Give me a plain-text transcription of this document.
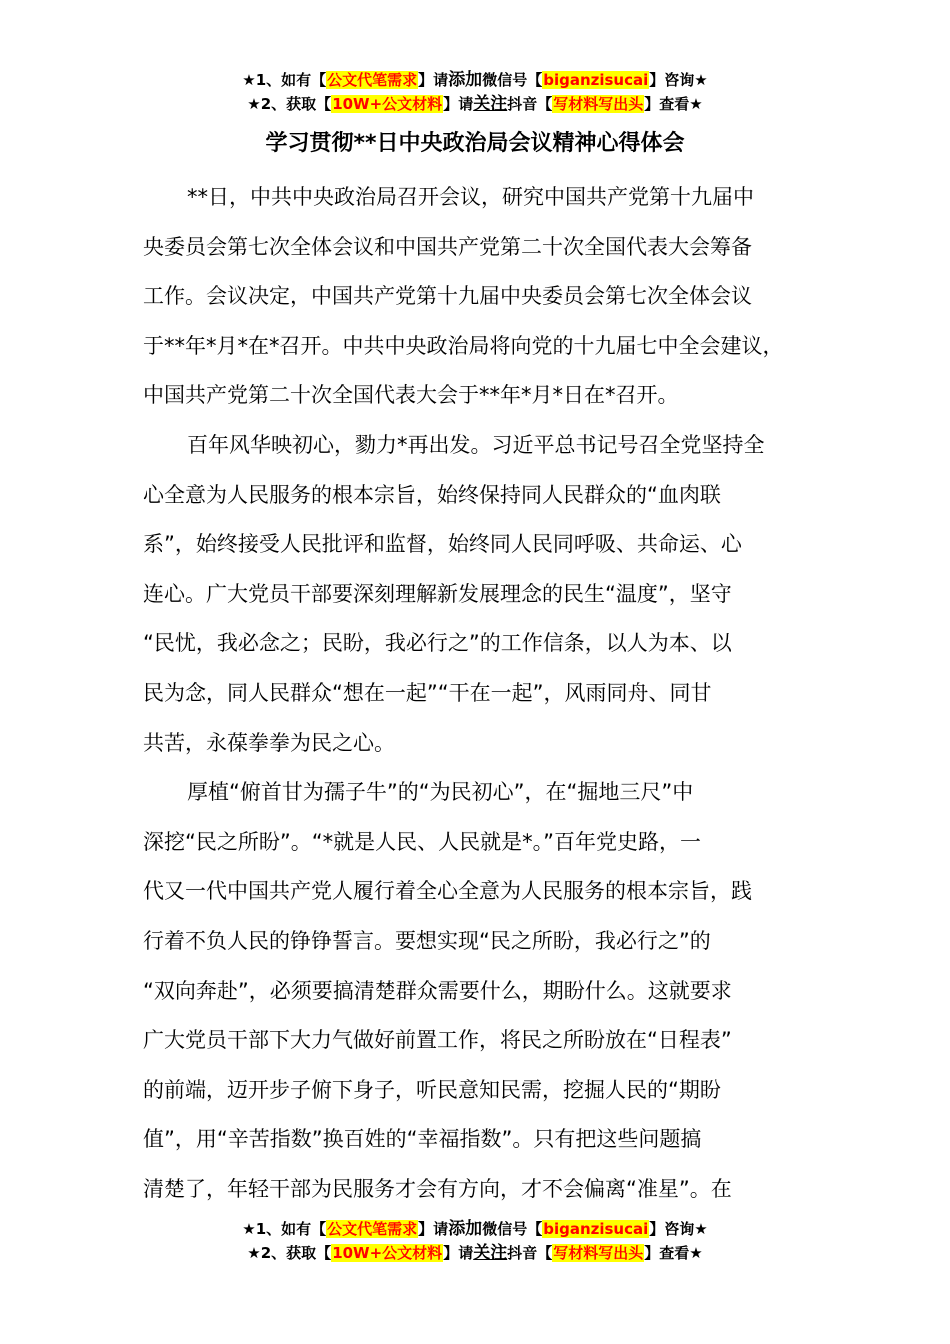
★1、如有【公文代笔需求】请添加微信号【biganzisucai】咨询★
★2、获取【10W+公文材料】请关注抖音【写材料写出头】查看★
学习贯彻**日中央政治局会议精神心得体会

**日，中共中央政治局召开会议，研究中国共产党第十九届中
央委员会第七次全体会议和中国共产党第二十次全国代表大会筹备
工作。会议决定，中国共产党第十九届中央委员会第七次全体会议
于**年*月*在*召开。中共中央政治局将向党的十九届七中全会建议，
中国共产党第二十次全国代表大会于**年*月*日在*召开。

百年风华映初心，勠力*再出发。习近平总书记号召全党坚持全
心全意为人民服务的根本宗旨，始终保持同人民群众的“血肉联
系”，始终接受人民批评和监督，始终同人民同呼吸、共命运、心
连心。广大党员干部要深刻理解新发展理念的民生“温度”，坚守
“民忧，我必念之；民盼，我必行之”的工作信条，以人为本、以
民为念，同人民群众“想在一起”“干在一起”，风雨同舟、同甘
共苦，永葆拳拳为民之心。

厚植“俯首甘为孺子牛”的“为民初心”，在“掘地三尺”中
深挖“民之所盼”。“*就是人民、人民就是*。”百年党史路，一
代又一代中国共产党人履行着全心全意为人民服务的根本宗旨，践
行着不负人民的铮铮誓言。要想实现“民之所盼，我必行之”的
“双向奔赴”，必须要搞清楚群众需要什么，期盼什么。这就要求
广大党员干部下大力气做好前置工作，将民之所盼放在“日程表”
的前端，迈开步子俯下身子，听民意知民需，挖掘人民的“期盼
值”，用“辛苦指数”换百姓的“幸福指数”。只有把这些问题搞
清楚了，年轻干部为民服务才会有方向，才不会偏离“准星”。在

★1、如有【公文代笔需求】请添加微信号【biganzisucai】咨询★
★2、获取【10W+公文材料】请关注抖音【写材料写出头】查看★
